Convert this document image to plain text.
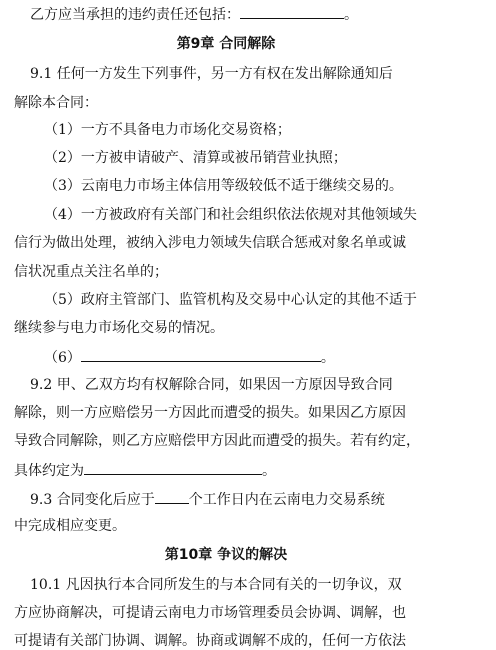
乙方应当承担的违约责任还包括：	。
第9章 合同解除
9.1 任何一方发生下列事件，另一方有权在发出解除通知后
解除本合同：
（1）一方不具备电力市场化交易资格；
（2）一方被申请破产、清算或被吊销营业执照；
（3）云南电力市场主体信用等级较低不适于继续交易的。
（4）一方被政府有关部门和社会组织依法依规对其他领域失
信行为做出处理，被纳入涉电力领域失信联合惩戒对象名单或诚
信状况重点关注名单的；
（5）政府主管部门、监管机构及交易中心认定的其他不适于
继续参与电力市场化交易的情况。
（6）	。
9.2 甲、乙双方均有权解除合同，如果因一方原因导致合同
解除，则一方应赔偿另一方因此而遭受的损失。如果因乙方原因
导致合同解除，则乙方应赔偿甲方因此而遭受的损失。若有约定，
具体约定为	。
9.3 合同变化后应于 个工作日内在云南电力交易系统
中完成相应变更。
第10章 争议的解决
10.1 凡因执行本合同所发生的与本合同有关的一切争议，双
方应协商解决，可提请云南电力市场管理委员会协调、调解，也
可提请有关部门协调、调解。协商或调解不成的，任何一方依法
